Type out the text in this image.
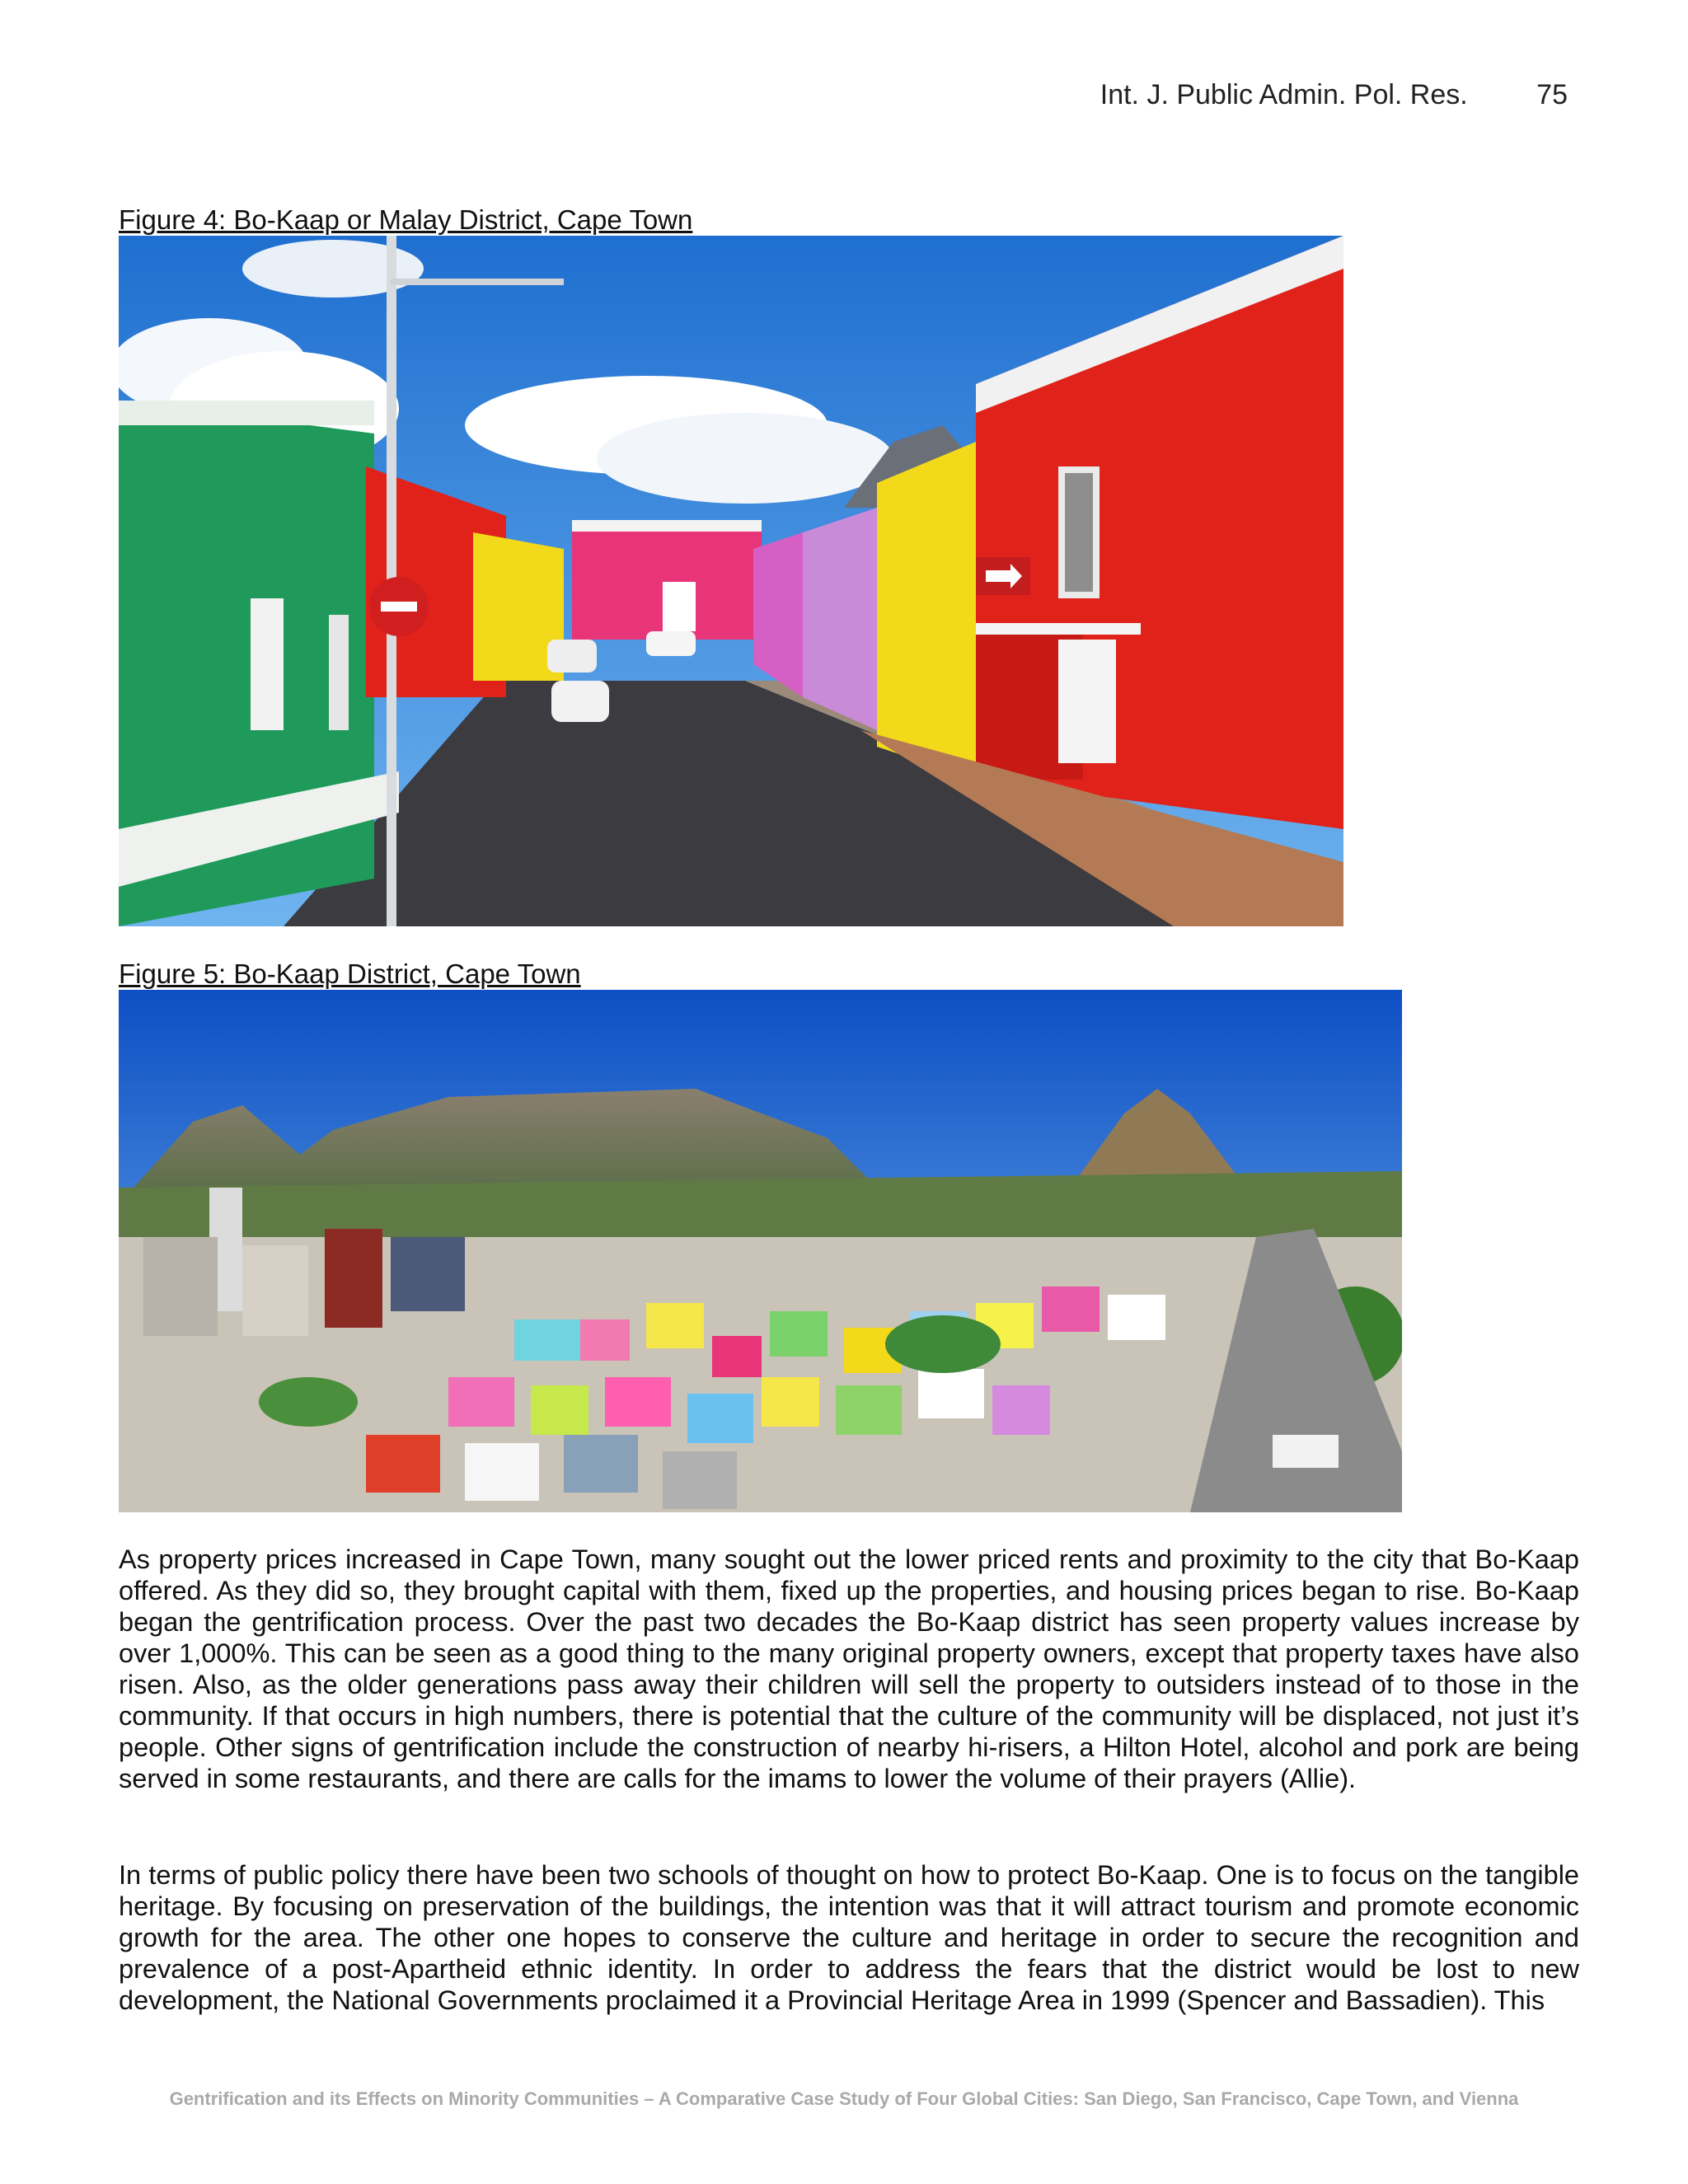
Int. J. Public Admin. Pol. Res. 75
Figure 4: Bo-Kaap or Malay District, Cape Town
Figure 5: Bo-Kaap District, Cape Town
As property prices increased in Cape Town, many sought out the lower priced rents and proximity to the city that Bo-Kaap offered. As they did so, they brought capital with them, fixed up the properties, and housing prices began to rise. Bo-Kaap began the gentrification process. Over the past two decades the Bo-Kaap district has seen property values increase by over 1,000%. This can be seen as a good thing to the many original property owners, except that property taxes have also risen. Also, as the older generations pass away their children will sell the property to outsiders instead of to those in the community. If that occurs in high numbers, there is potential that the culture of the community will be displaced, not just it’s people. Other signs of gentrification include the construction of nearby hi-risers, a Hilton Hotel, alcohol and pork are being served in some restaurants, and there are calls for the imams to lower the volume of their prayers (Allie).
In terms of public policy there have been two schools of thought on how to protect Bo-Kaap. One is to focus on the tangible heritage. By focusing on preservation of the buildings, the intention was that it will attract tourism and promote economic growth for the area. The other one hopes to conserve the culture and heritage in order to secure the recognition and prevalence of a post-Apartheid ethnic identity. In order to address the fears that the district would be lost to new development, the National Governments proclaimed it a Provincial Heritage Area in 1999 (Spencer and Bassadien). This
Gentrification and its Effects on Minority Communities – A Comparative Case Study of Four Global Cities: San Diego, San Francisco, Cape Town, and Vienna
